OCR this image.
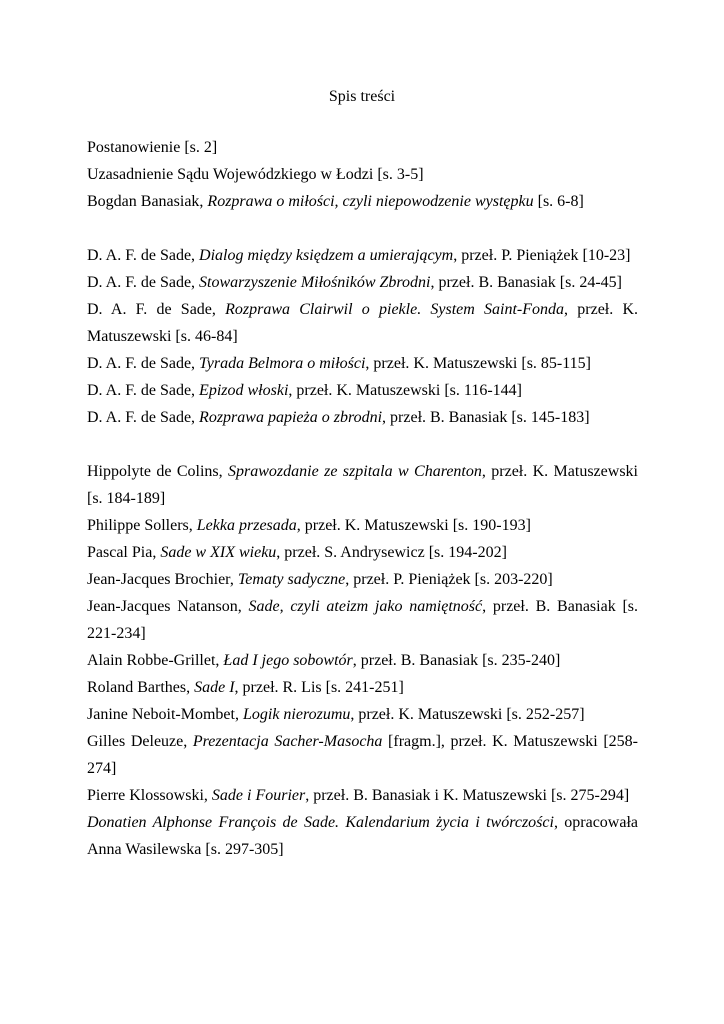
Spis treści

Postanowienie [s. 2]

Uzasadnienie Sądu Wojewódzkiego w Łodzi [s. 3-5]

Bogdan Banasiak, Rozprawa o miłości, czyli niepowodzenie występku [s. 6-8]

D. A. F. de Sade, Dialog między księdzem a umierającym, przeł. P. Pieniążek [10-23]

D. A. F. de Sade, Stowarzyszenie Miłośników Zbrodni, przeł. B. Banasiak [s. 24-45]

D. A. F. de Sade, Rozprawa Clairwil o piekle. System Saint-Fonda, przeł. K. Matuszewski [s. 46-84]

D. A. F. de Sade, Tyrada Belmora o miłości, przeł. K. Matuszewski [s. 85-115]

D. A. F. de Sade, Epizod włoski, przeł. K. Matuszewski [s. 116-144]

D. A. F. de Sade, Rozprawa papieża o zbrodni, przeł. B. Banasiak [s. 145-183]

Hippolyte de Colins, Sprawozdanie ze szpitala w Charenton, przeł. K. Matuszewski [s. 184-189]

Philippe Sollers, Lekka przesada, przeł. K. Matuszewski [s. 190-193]

Pascal Pia, Sade w XIX wieku, przeł. S. Andrysewicz [s. 194-202]

Jean-Jacques Brochier, Tematy sadyczne, przeł. P. Pieniążek [s. 203-220]

Jean-Jacques Natanson, Sade, czyli ateizm jako namiętność, przeł. B. Banasiak [s. 221-234]

Alain Robbe-Grillet, Ład I jego sobowtór, przeł. B. Banasiak [s. 235-240]

Roland Barthes, Sade I, przeł. R. Lis [s. 241-251]

Janine Neboit-Mombet, Logik nierozumu, przeł. K. Matuszewski [s. 252-257]

Gilles Deleuze, Prezentacja Sacher-Masocha [fragm.], przeł. K. Matuszewski [258-274]

Pierre Klossowski, Sade i Fourier, przeł. B. Banasiak i K. Matuszewski [s. 275-294]

Donatien Alphonse François de Sade. Kalendarium życia i twórczości, opracowała Anna Wasilewska [s. 297-305]
